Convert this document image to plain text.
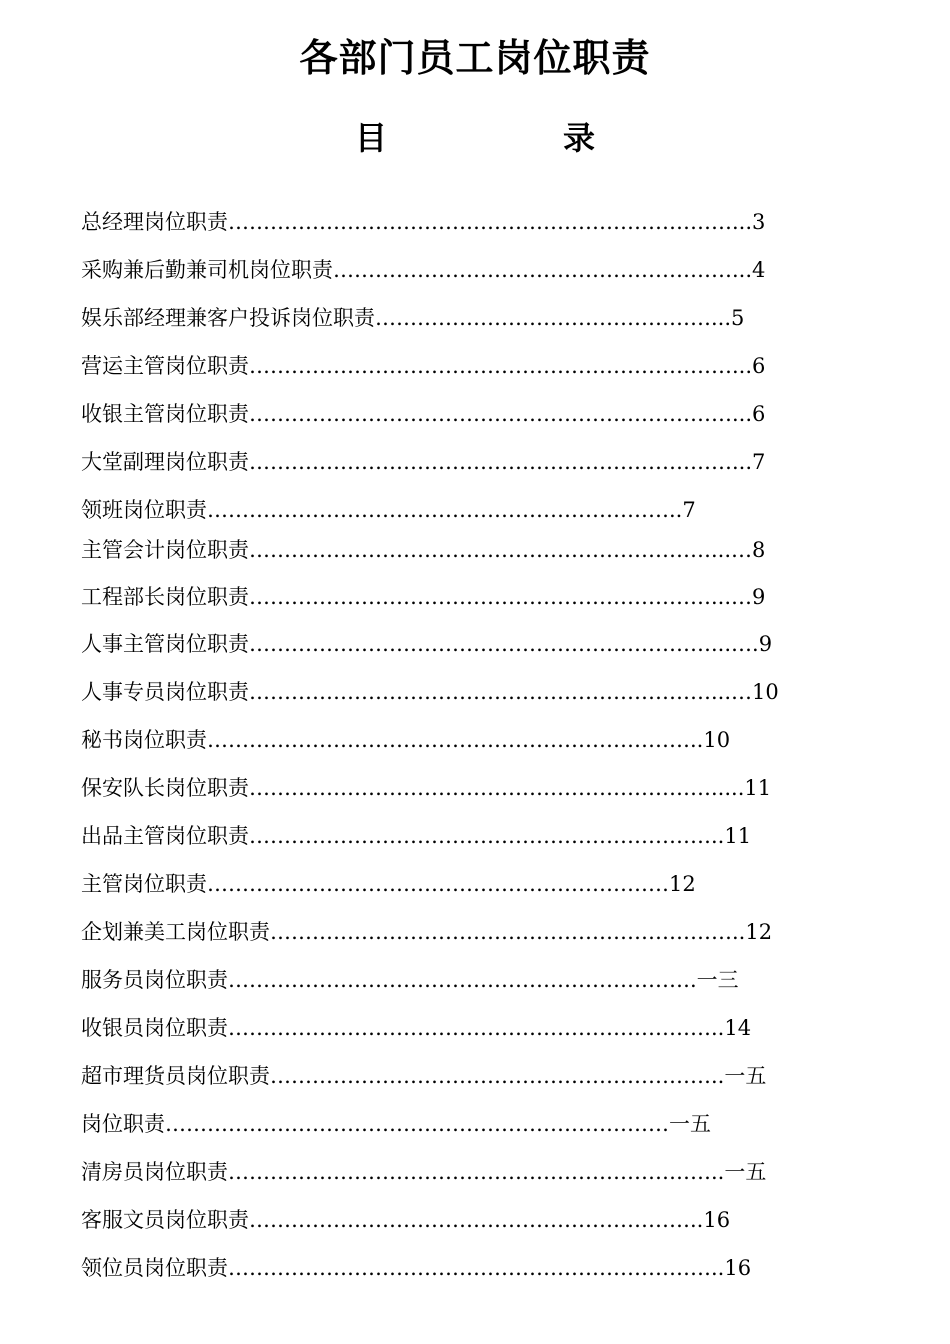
各部门员工岗位职责
目	录
总经理岗位职责………………………………………………………………...3
采购兼后勤兼司机岗位职责…………………………………………………...4
娱乐部经理兼客户投诉岗位职责…………………………………………...5
营运主管岗位职责……………………………………………………………...6
收银主管岗位职责……………………………………………………………...6
大堂副理岗位职责……………………………………………………………...7
领班岗位职责…………………………………………………………..7
主管会计岗位职责…………………………………………………………...…8
工程部长岗位职责…………………………………………………………...…9
人事主管岗位职责…………………………………………………………...….9
人事专员岗位职责…………………………………………………………...…10
秘书岗位职责……………………………………………………………..10
保安队长岗位职责………………………………………………………….....11
出品主管岗位职责…………………………………………………………..11
主管岗位职责…………………………………………………………12
企划兼美工岗位职责…………………………………………………………..12
服务员岗位职责………………………………………………………….一三
收银员岗位职责……………………………………………………………..14
超市理货员岗位职责………………………………………………………..一五
岗位职责………………………………………………………………一五
清房员岗位职责……………………………………………………………..一五
客服文员岗位职责………………………………………………………..16
领位员岗位职责……………………………………………………………..16
